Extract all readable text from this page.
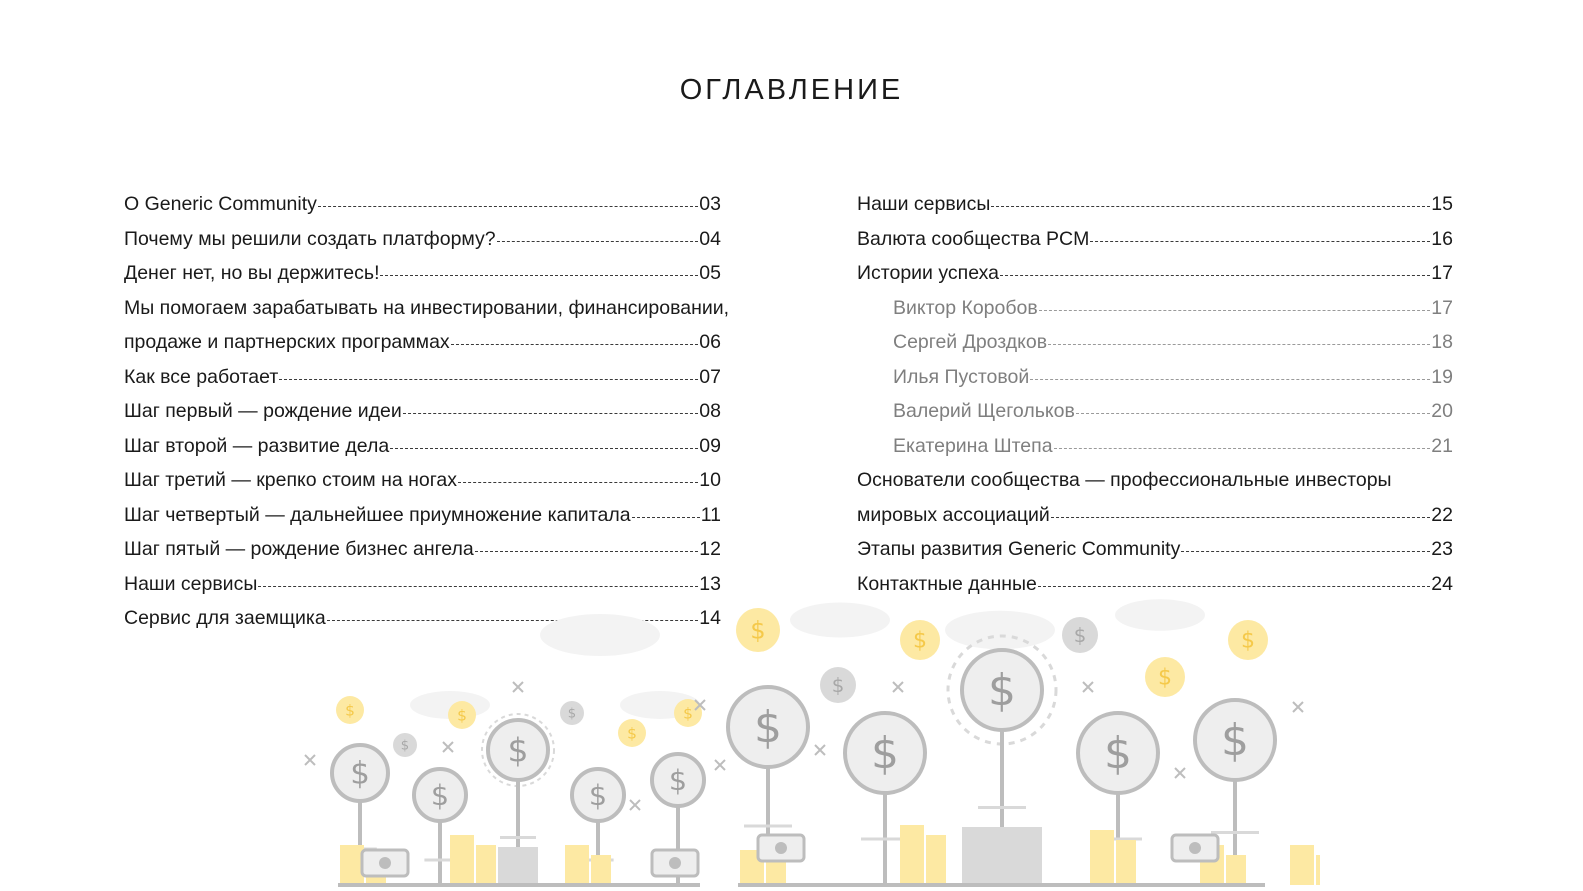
ОГЛАВЛЕНИЕ
О Generic Community	03
Почему мы решили создать платформу?	04
Денег нет, но вы держитесь!	05
Мы помогаем зарабатывать на инвестировании, финансировании,
продаже и партнерских программах	06
Как все работает	07
Шаг первый — рождение идеи	08
Шаг второй — развитие дела	09
Шаг третий — крепко стоим на ногах	10
Шаг четвертый — дальнейшее приумножение капитала	11
Шаг пятый — рождение бизнес ангела	12
Наши сервисы	13
Сервис для заемщика	14
Наши сервисы	15
Валюта сообщества PCM	16
Истории успеха	17
Виктор Коробов	17
Сергей Дроздков	18
Илья Пустовой	19
Валерий Щегольков	20
Екатерина Штепа	21
Основатели сообщества — профессиональные инвесторы
мировых ассоциаций	22
Этапы развития Generic Community	23
Контактные данные	24
$	$
$
$
$	$	$
$
$
$
$
$
$
$
$
$ $
$
$
$
$ $
